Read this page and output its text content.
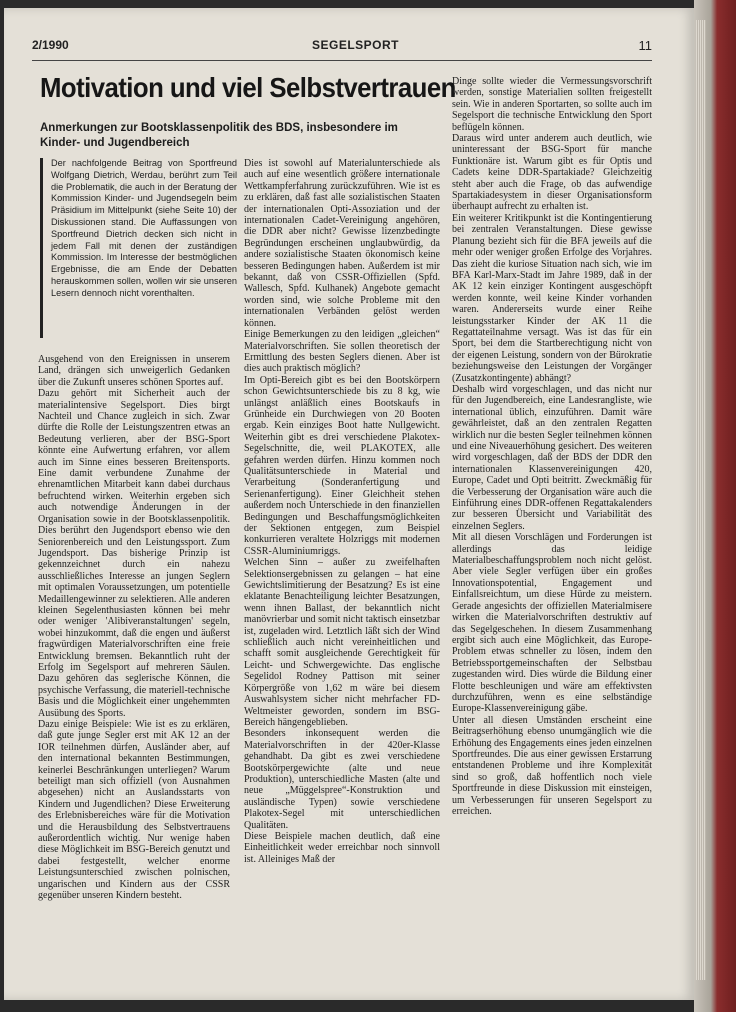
2/1990	SEGELSPORT	11
Motivation und viel Selbstvertrauen
Anmerkungen zur Bootsklassenpolitik des BDS, insbesondere im Kinder- und Jugendbereich
Der nachfolgende Beitrag von Sportfreund Wolfgang Dietrich, Werdau, berührt zum Teil die Problematik, die auch in der Beratung der Kommission Kinder- und Jugendsegeln beim Präsidium im Mittelpunkt (siehe Seite 10) der Diskussionen stand. Die Auffassungen von Sportfreund Dietrich decken sich nicht in jedem Fall mit denen der zuständigen Kommission. Im Interesse der bestmöglichen Ergebnisse, die am Ende der Debatten herauskommen sollen, wollen wir sie unseren Lesern dennoch nicht vorenthalten.

Ausgehend von den Ereignissen in unserem Land, drängen sich unweigerlich Gedanken über die Zukunft unseres schönen Sportes auf.

Dazu gehört mit Sicherheit auch der materialintensive Segelsport. Dies birgt Nachteil und Chance zugleich in sich. Zwar dürfte die Rolle der Leistungszentren etwas an Bedeutung verlieren, aber der BSG-Sport könnte eine Aufwertung erfahren, vor allem auch im Sinne eines besseren Breitensports. Eine damit verbundene Zunahme der ehrenamtlichen Mitarbeit kann dabei durchaus befruchtend wirken. Weiterhin ergeben sich auch notwendige Änderungen in der Organisation sowie in der Bootsklassenpolitik. Dies berührt den Jugendsport ebenso wie den Seniorenbereich und den Leistungssport. Zum Jugendsport. Das bisherige Prinzip ist gekennzeichnet durch ein nahezu ausschließliches Interesse an jungen Seglern mit optimalen Voraussetzungen, um potentielle Medaillengewinner zu selektieren. Alle anderen kleinen Segelenthusiasten können bei mehr oder weniger 'Alibiveranstaltungen' segeln, wobei hinzukommt, daß die engen und äußerst fragwürdigen Materialvorschriften eine freie Entwicklung bremsen. Bekanntlich ruht der Erfolg im Segelsport auf mehreren Säulen. Dazu gehören das seglerische Können, die psychische Verfassung, die materiell-technische Basis und die Möglichkeit einer ungehemmten Ausübung des Sports.

Dazu einige Beispiele: Wie ist es zu erklären, daß gute junge Segler erst mit AK 12 an der IOR teilnehmen dürfen, Ausländer aber, auf den international bekannten Bestimmungen, keinerlei Beschränkungen unterliegen? Warum beteiligt man sich offiziell (von Ausnahmen abgesehen) nicht an Auslandsstarts von Kindern und Jugendlichen? Diese Erweiterung des Erlebnisbereiches wäre für die Motivation und die Herausbildung des Selbstvertrauens außerordentlich wichtig. Nur wenige haben diese Möglichkeit im BSG-Bereich genutzt und dabei festgestellt, welcher enorme Leistungsunterschied zwischen polnischen, ungarischen und Kindern aus der CSSR gegenüber unseren Kindern besteht.

Dies ist sowohl auf Materialunterschiede als auch auf eine wesentlich größere internationale Wettkampferfahrung zurückzuführen. Wie ist es zu erklären, daß fast alle sozialistischen Staaten der internationalen Opti-Assoziation und der internationalen Cadet-Vereinigung angehören, die DDR aber nicht? Gewisse lizenzbedingte Begründungen erscheinen unglaubwürdig, da andere sozialistische Staaten ökonomisch keine besseren Bedingungen haben. Außerdem ist mir bekannt, daß von CSSR-Offiziellen (Spfd. Wallesch, Spfd. Kulhanek) Angebote gemacht worden sind, wie solche Probleme mit den internationalen Verbänden gelöst werden können.

Einige Bemerkungen zu den leidigen „gleichen“ Materialvorschriften. Sie sollen theoretisch der Ermittlung des besten Seglers dienen. Aber ist dies auch praktisch möglich?

Im Opti-Bereich gibt es bei den Bootskörpern schon Gewichtsunterschiede bis zu 8 kg, wie unlängst anläßlich eines Bootskaufs in Grünheide ein Durchwiegen von 20 Booten ergab. Kein einziges Boot hatte Nullgewicht. Weiterhin gibt es drei verschiedene Plakotex-Segelschnitte, die, weil PLAKOTEX, alle gefahren werden dürfen. Hinzu kommen noch Qualitätsunterschiede in Material und Verarbeitung (Sonderanfertigung und Serienanfertigung). Einer Gleichheit stehen außerdem noch Unterschiede in den finanziellen Bedingungen und Beschaffungsmöglichkeiten der Sektionen entgegen, zum Beispiel konkurrieren veraltete Holzriggs mit modernen CSSR-Aluminiumriggs.

Welchen Sinn – außer zu zweifelhaften Selektionsergebnissen zu gelangen – hat eine Gewichtslimitierung der Besatzung? Es ist eine eklatante Benachteiligung leichter Besatzungen, wenn ihnen Ballast, der bekanntlich nicht manövrierbar und somit nicht taktisch einsetzbar ist, zugeladen wird. Letztlich läßt sich der Wind schließlich auch nicht vereinheitlichen und schafft somit ausgleichende Gerechtigkeit für Leicht- und Schwergewichte. Das englische Segelidol Rodney Pattison mit seiner Körpergröße von 1,62 m wäre bei diesem Auswahlsystem sicher nicht mehrfacher FD-Weltmeister geworden, sondern im BSG-Bereich hängengeblieben.

Besonders inkonsequent werden die Materialvorschriften in der 420er-Klasse gehandhabt. Da gibt es zwei verschiedene Bootskörpergewichte (alte und neue Produktion), unterschiedliche Masten (alte und neue „Müggelspree“-Konstruktion und ausländische Typen) sowie verschiedene Plakotex-Segel mit unterschiedlichen Qualitäten.

Diese Beispiele machen deutlich, daß eine Einheitlichkeit weder erreichbar noch sinnvoll ist. Alleiniges Maß der

Dinge sollte wieder die Vermessungsvorschrift werden, sonstige Materialien sollten freigestellt sein. Wie in anderen Sportarten, so sollte auch im Segelsport die technische Entwicklung den Sport beflügeln können.

Daraus wird unter anderem auch deutlich, wie uninteressant der BSG-Sport für manche Funktionäre ist. Warum gibt es für Optis und Cadets keine DDR-Spartakiade? Gleichzeitig steht aber auch die Frage, ob das aufwendige Spartakiadesystem in dieser Organisationsform überhaupt aufrecht zu erhalten ist.

Ein weiterer Kritikpunkt ist die Kontingentierung bei zentralen Veranstaltungen. Diese gewisse Planung bezieht sich für die BFA jeweils auf die mehr oder weniger großen Erfolge des Vorjahres. Das zieht die kuriose Situation nach sich, wie im BFA Karl-Marx-Stadt im Jahre 1989, daß in der AK 12 kein einziger Kontingent ausgeschöpft werden konnte, weil keine Kinder vorhanden waren. Andererseits wurde einer Reihe leistungsstarker Kinder der AK 11 die Regattateilnahme versagt. Was ist das für ein Sport, bei dem die Startberechtigung nicht von der eigenen Leistung, sondern von der Bürokratie beziehungsweise den Leistungen der Vorgänger (Zusatzkontingente) abhängt?

Deshalb wird vorgeschlagen, und das nicht nur für den Jugendbereich, eine Landesrangliste, wie international üblich, einzuführen. Damit wäre gewährleistet, daß an den zentralen Regatten wirklich nur die besten Segler teilnehmen können und eine Niveauerhöhung gesichert. Des weiteren wird vorgeschlagen, daß der BDS der DDR den internationalen Klassenvereinigungen 420, Europe, Cadet und Opti beitritt. Zweckmäßig für die Verbesserung der Organisation wäre auch die Einführung eines DDR-offenen Regattakalenders zur besseren Übersicht und Variabilität des einzelnen Seglers.

Mit all diesen Vorschlägen und Forderungen ist allerdings das leidige Materialbeschaffungsproblem noch nicht gelöst. Aber viele Segler verfügen über ein großes Innovationspotential, Engagement und Einfallsreichtum, um diese Hürde zu meistern. Gerade angesichts der offiziellen Materialmisere wirken die Materialvorschriften destruktiv auf das Segelgeschehen. In diesem Zusammenhang ergibt sich auch eine Möglichkeit, das Europe-Problem etwas schneller zu lösen, indem den Betriebssportgemeinschaften der Selbstbau zugestanden wird. Dies würde die Bildung einer Flotte beschleunigen und wäre am effektivsten durchzuführen, wenn es eine selbständige Europe-Klassenvereinigung gäbe.

Unter all diesen Umständen erscheint eine Beitragserhöhung ebenso unumgänglich wie die Erhöhung des Engagements eines jeden einzelnen Sportfreundes. Die aus einer gewissen Erstarrung entstandenen Probleme und ihre Komplexität sind so groß, daß hoffentlich noch viele Sportfreunde in diese Diskussion mit einsteigen, um Verbesserungen für unseren Segelsport zu erreichen.
